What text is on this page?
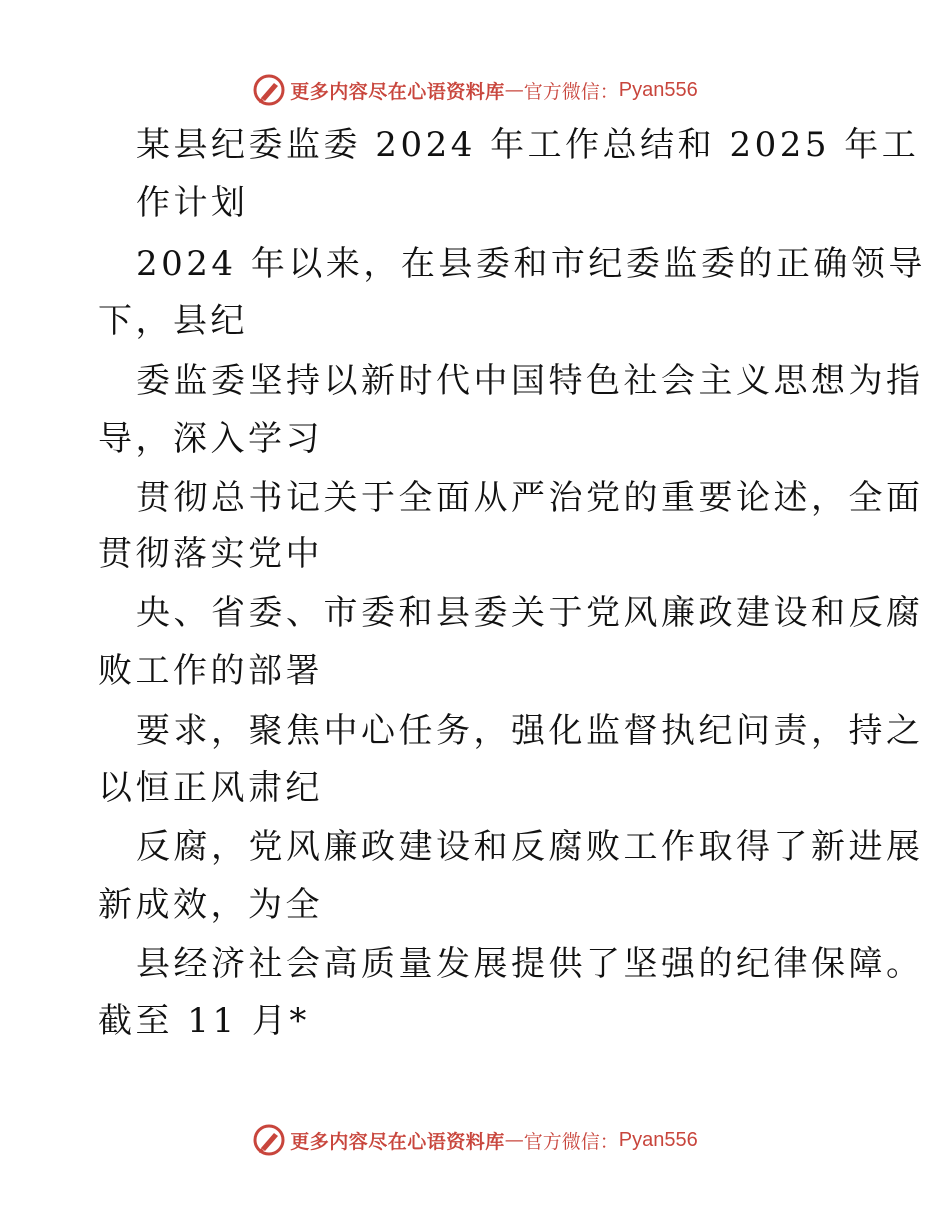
更多内容尽在心语资料库 — 官方微信： Pyan556
某县纪委监委 2024 年工作总结和 2025 年工
作计划
2024 年以来，在县委和市纪委监委的正确领导
下，县纪
委监委坚持以新时代中国特色社会主义思想为指
导，深入学习
贯彻总书记关于全面从严治党的重要论述，全面
贯彻落实党中
央、省委、市委和县委关于党风廉政建设和反腐
败工作的部署
要求，聚焦中心任务，强化监督执纪问责，持之
以恒正风肃纪
反腐，党风廉政建设和反腐败工作取得了新进展
新成效，为全
县经济社会高质量发展提供了坚强的纪律保障。
截至 11 月*
更多内容尽在心语资料库 — 官方微信： Pyan556
